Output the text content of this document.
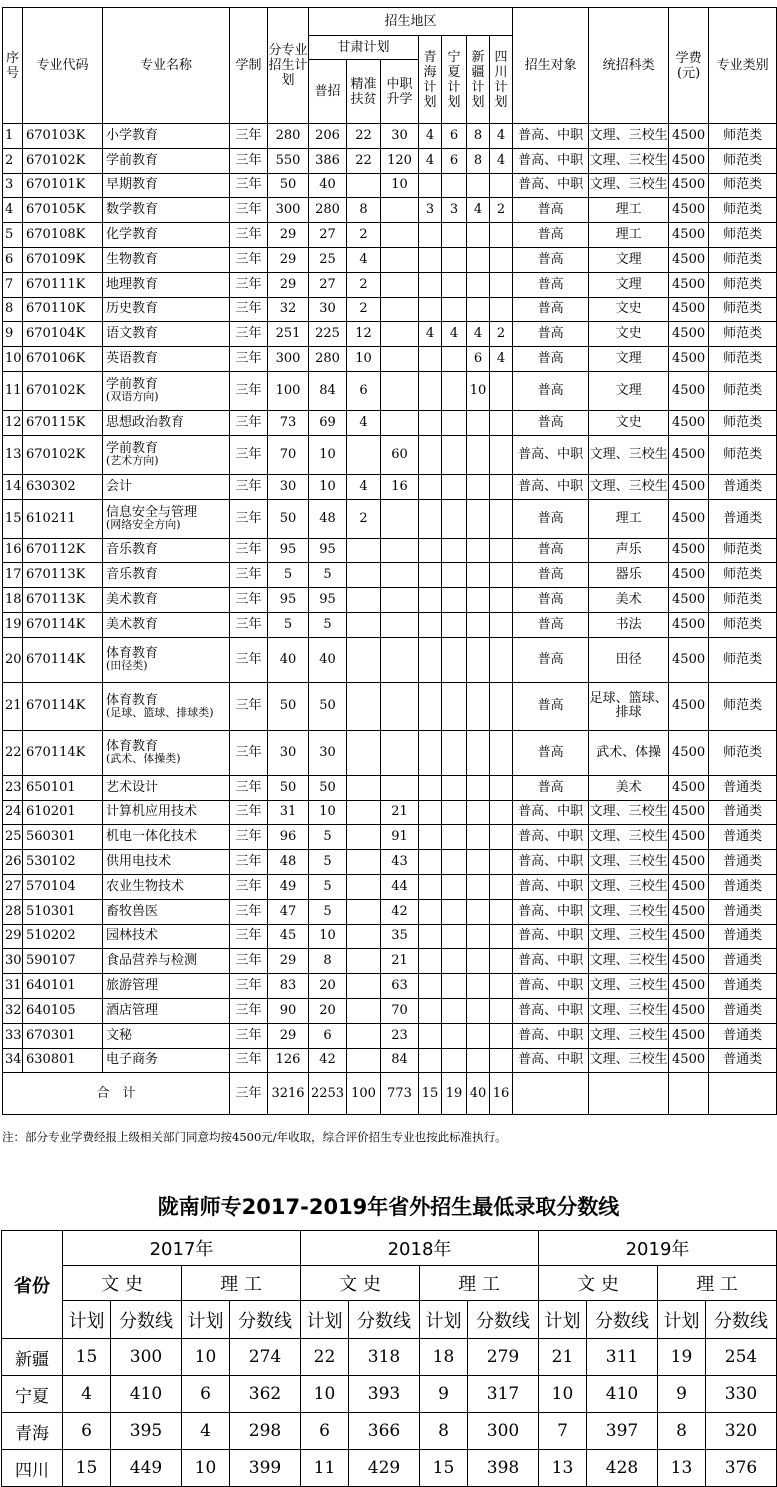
序号	专业代码	专业名称	学制	分专业招生计划	招生地区							招生对象	统招科类	学费(元)	专业类别
					甘肃计划			青海计划	宁夏计划	新疆计划	四川计划				
					普招	精准扶贫	中职升学								
1	670103K	小学教育	三年	280	206	22	30	4	6	8	4	普高、中职	文理、三校生	4500	师范类
2	670102K	学前教育	三年	550	386	22	120	4	6	8	4	普高、中职	文理、三校生	4500	师范类
3	670101K	早期教育	三年	50	40		10					普高、中职	文理、三校生	4500	师范类
4	670105K	数学教育	三年	300	280	8		3	3	4	2	普高	理工	4500	师范类
5	670108K	化学教育	三年	29	27	2						普高	理工	4500	师范类
6	670109K	生物教育	三年	29	25	4						普高	文理	4500	师范类
7	670111K	地理教育	三年	29	27	2						普高	文理	4500	师范类
8	670110K	历史教育	三年	32	30	2						普高	文史	4500	师范类
9	670104K	语文教育	三年	251	225	12		4	4	4	2	普高	文史	4500	师范类
10	670106K	英语教育	三年	300	280	10				6	4	普高	文理	4500	师范类
11	670102K	学前教育
(双语方向)	三年	100	84	6				10		普高	文理	4500	师范类
12	670115K	思想政治教育	三年	73	69	4						普高	文史	4500	师范类
13	670102K	学前教育
(艺术方向)	三年	70	10		60					普高、中职	文理、三校生	4500	师范类
14	630302	会计	三年	30	10	4	16					普高、中职	文理、三校生	4500	普通类
15	610211	信息安全与管理
(网络安全方向)	三年	50	48	2						普高	理工	4500	普通类
16	670112K	音乐教育	三年	95	95							普高	声乐	4500	师范类
17	670113K	音乐教育	三年	5	5							普高	器乐	4500	师范类
18	670113K	美术教育	三年	95	95							普高	美术	4500	师范类
19	670114K	美术教育	三年	5	5							普高	书法	4500	师范类
20	670114K	体育教育
(田径类)	三年	40	40							普高	田径	4500	师范类
21	670114K	体育教育
(足球、篮球、排球类)	三年	50	50							普高	足球、篮球、排球	4500	师范类
22	670114K	体育教育
(武术、体操类)	三年	30	30							普高	武术、体操	4500	师范类
23	650101	艺术设计	三年	50	50							普高	美术	4500	普通类
24	610201	计算机应用技术	三年	31	10		21					普高、中职	文理、三校生	4500	普通类
25	560301	机电一体化技术	三年	96	5		91					普高、中职	文理、三校生	4500	普通类
26	530102	供用电技术	三年	48	5		43					普高、中职	文理、三校生	4500	普通类
27	570104	农业生物技术	三年	49	5		44					普高、中职	文理、三校生	4500	普通类
28	510301	畜牧兽医	三年	47	5		42					普高、中职	文理、三校生	4500	普通类
29	510202	园林技术	三年	45	10		35					普高、中职	文理、三校生	4500	普通类
30	590107	食品营养与检测	三年	29	8		21					普高、中职	文理、三校生	4500	普通类
31	640101	旅游管理	三年	83	20		63					普高、中职	文理、三校生	4500	普通类
32	640105	酒店管理	三年	90	20		70					普高、中职	文理、三校生	4500	普通类
33	670301	文秘	三年	29	6		23					普高、中职	文理、三校生	4500	普通类
34	630801	电子商务	三年	126	42		84					普高、中职	文理、三校生	4500	普通类
合　计			三年	3216	2253	100	773	15	19	40	16				
注：部分专业学费经报上级相关部门同意均按4500元/年收取，综合评价招生专业也按此标准执行。
陇南师专2017-2019年省外招生最低录取分数线
省份	2017年				2018年				2019年			
	文 史		理 工		文 史		理 工		文 史		理 工	
	计划	分数线	计划	分数线	计划	分数线	计划	分数线	计划	分数线	计划	分数线
新疆	15	300	10	274	22	318	18	279	21	311	19	254
宁夏	4	410	6	362	10	393	9	317	10	410	9	330
青海	6	395	4	298	6	366	8	300	7	397	8	320
四川	15	449	10	399	11	429	15	398	13	428	13	376
